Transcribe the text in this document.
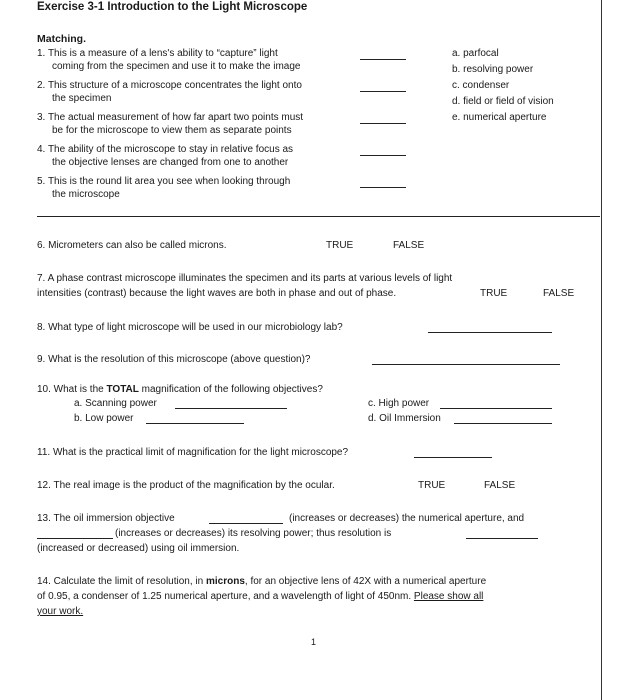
Exercise 3-1 Introduction to the Light Microscope
Matching.
1. This is a measure of a lens's ability to “capture” light
coming from the specimen and use it to make the image
2. This structure of a microscope concentrates the light onto
the specimen
3. The actual measurement of how far apart two points must
be for the microscope to view them as separate points
4. The ability of the microscope to stay in relative focus as
the objective lenses are changed from one to another
5. This is the round lit area you see when looking through
the microscope
a. parfocal
b. resolving power
c. condenser
d. field or field of vision
e. numerical aperture
6. Micrometers can also be called microns.	TRUE	FALSE
7. A phase contrast microscope illuminates the specimen and its parts at various levels of light
intensities (contrast) because the light waves are both in phase and out of phase.	TRUE	FALSE
8. What type of light microscope will be used in our microbiology lab?
9. What is the resolution of this microscope (above question)?
10. What is the TOTAL magnification of the following objectives?
a. Scanning power
b. Low power
c. High power
d. Oil Immersion
11. What is the practical limit of magnification for the light microscope?
12. The real image is the product of the magnification by the ocular.	TRUE	FALSE
13. The oil immersion objective	(increases or decreases) the numerical aperture, and
(increases or decreases) its resolving power; thus resolution is
(increased or decreased) using oil immersion.
14. Calculate the limit of resolution, in microns, for an objective lens of 42X with a numerical aperture
of 0.95, a condenser of 1.25 numerical aperture, and a wavelength of light of 450nm. Please show all
your work.
1
